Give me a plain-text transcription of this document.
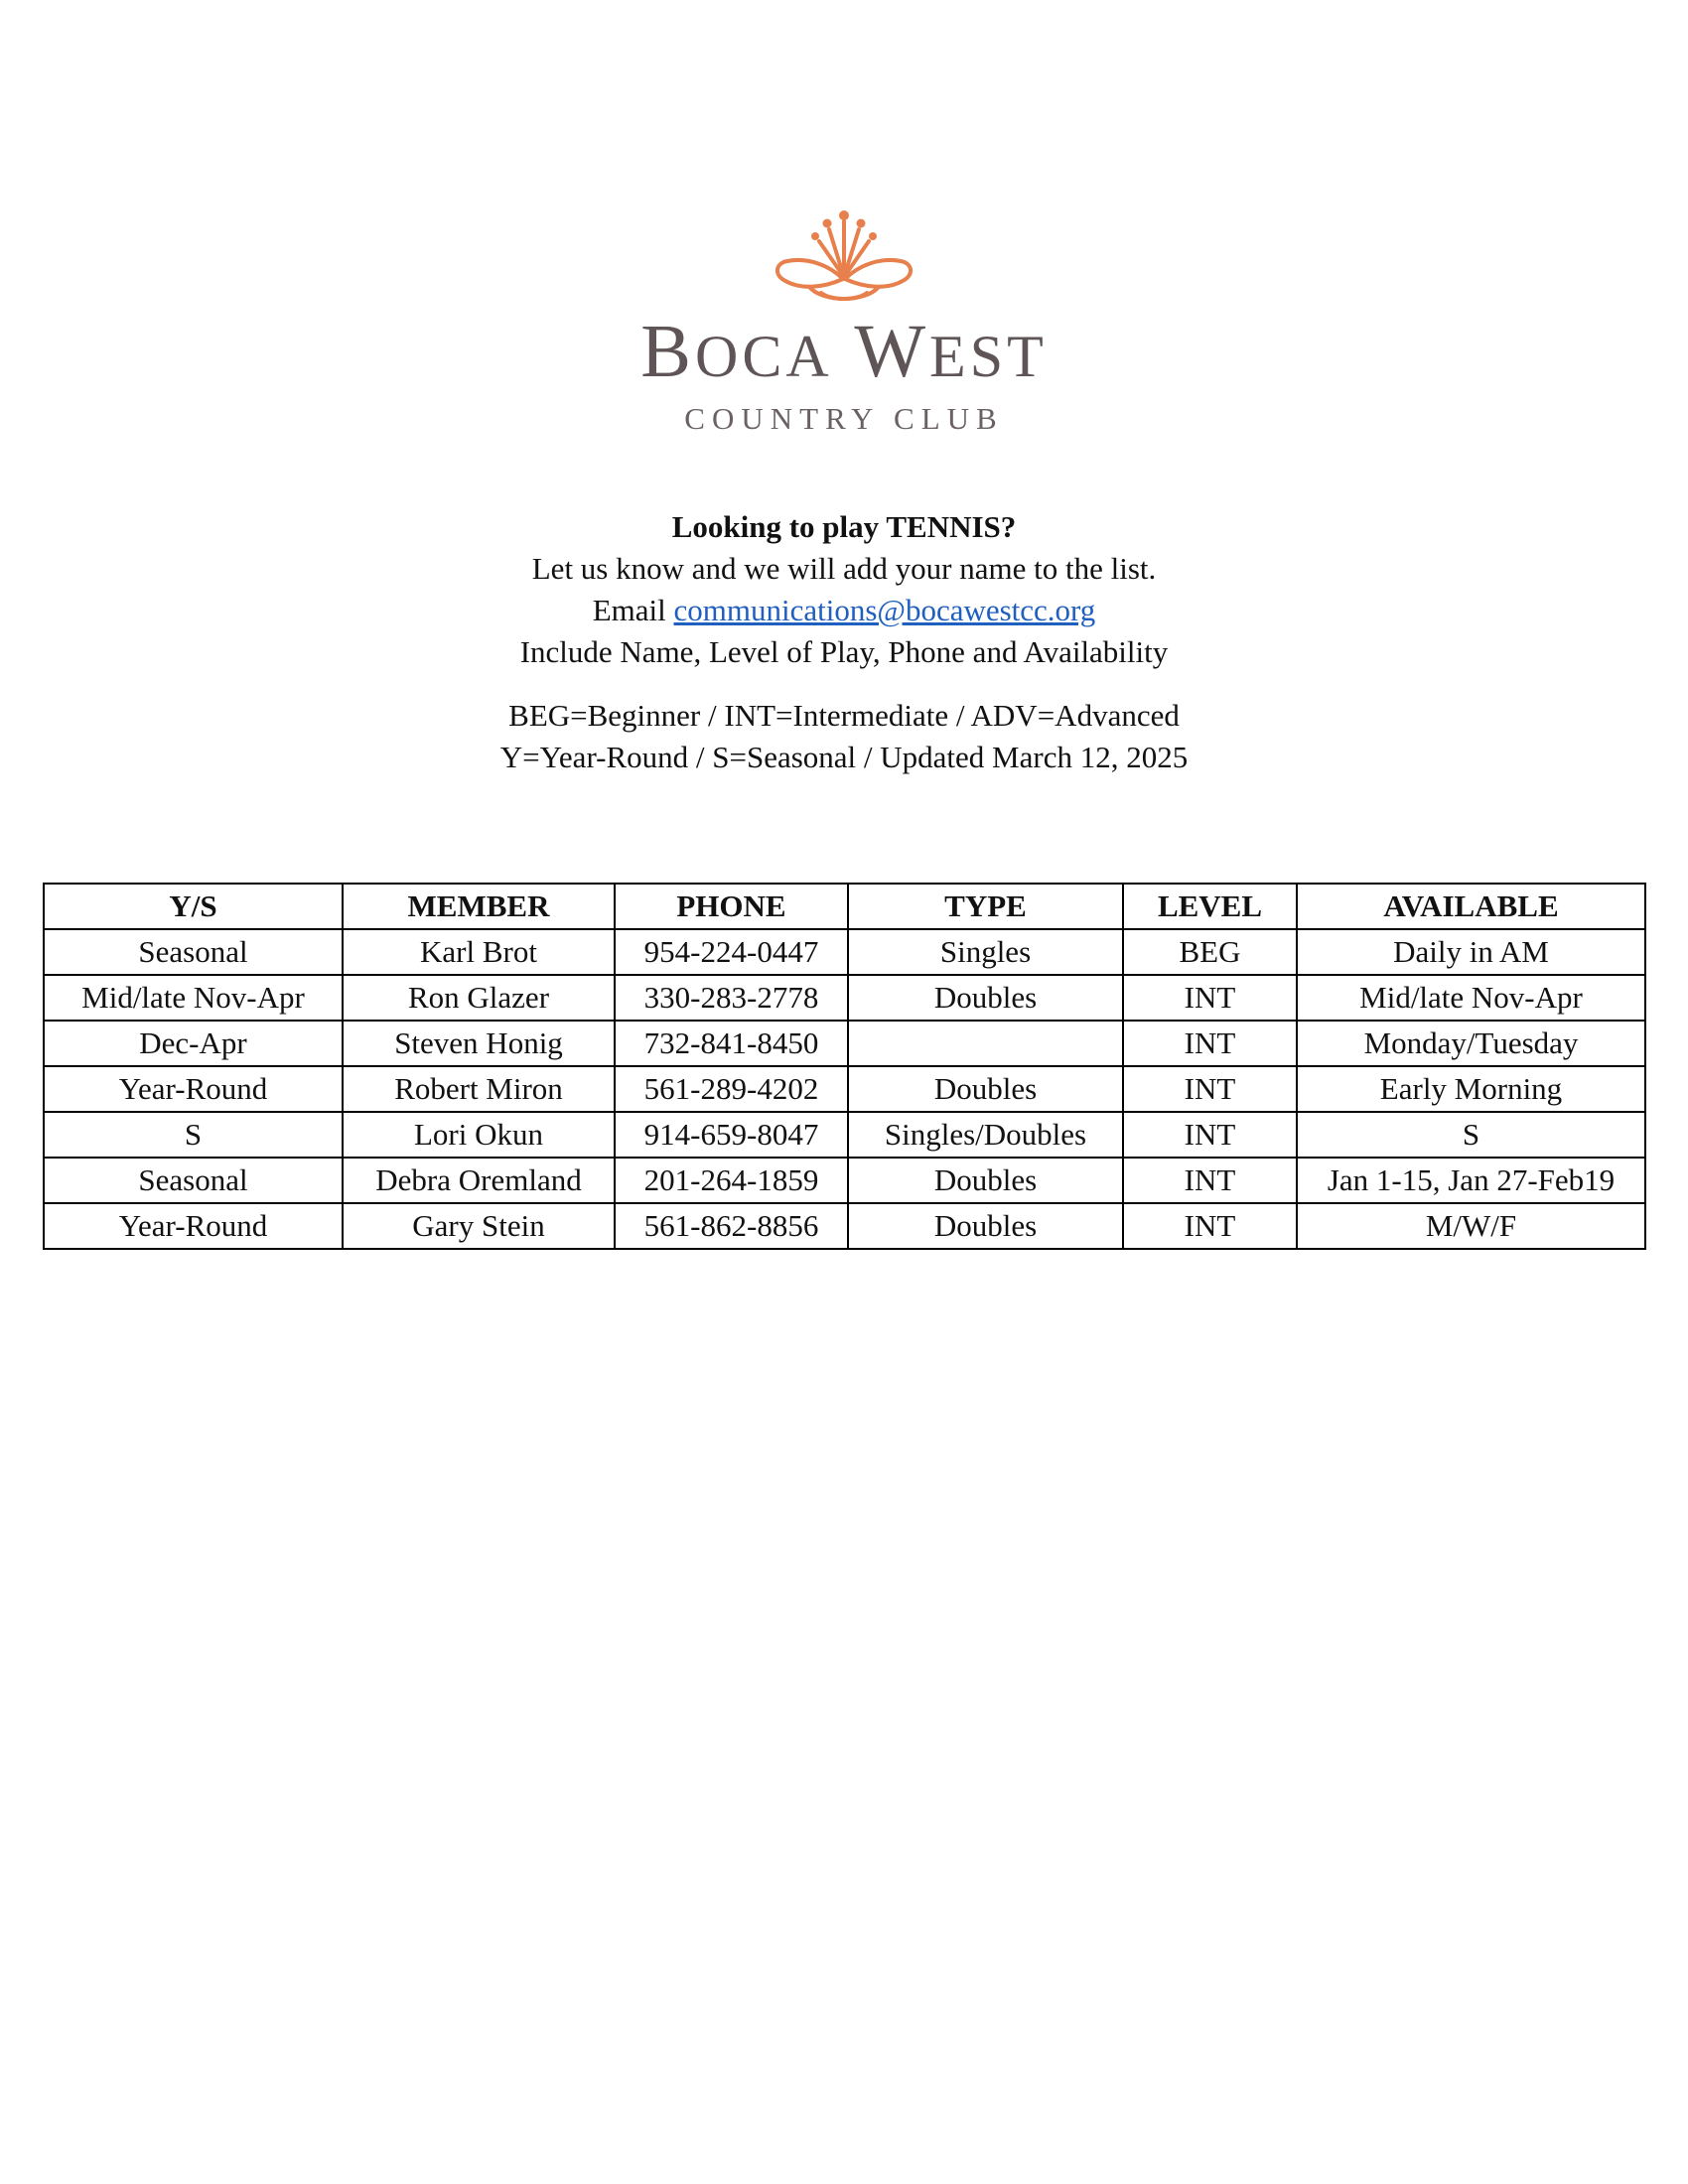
BOCA WEST
COUNTRY CLUB
Looking to play TENNIS?
Let us know and we will add your name to the list.
Email communications@bocawestcc.org
Include Name, Level of Play, Phone and Availability
BEG=Beginner / INT=Intermediate / ADV=Advanced
Y=Year-Round / S=Seasonal / Updated March 12, 2025
Y/S	MEMBER	PHONE	TYPE	LEVEL	AVAILABLE
Seasonal	Karl Brot	954-224-0447	Singles	BEG	Daily in AM
Mid/late Nov-Apr	Ron Glazer	330-283-2778	Doubles	INT	Mid/late Nov-Apr
Dec-Apr	Steven Honig	732-841-8450		INT	Monday/Tuesday
Year-Round	Robert Miron	561-289-4202	Doubles	INT	Early Morning
S	Lori Okun	914-659-8047	Singles/Doubles	INT	S
Seasonal	Debra Oremland	201-264-1859	Doubles	INT	Jan 1-15, Jan 27-Feb19
Year-Round	Gary Stein	561-862-8856	Doubles	INT	M/W/F
